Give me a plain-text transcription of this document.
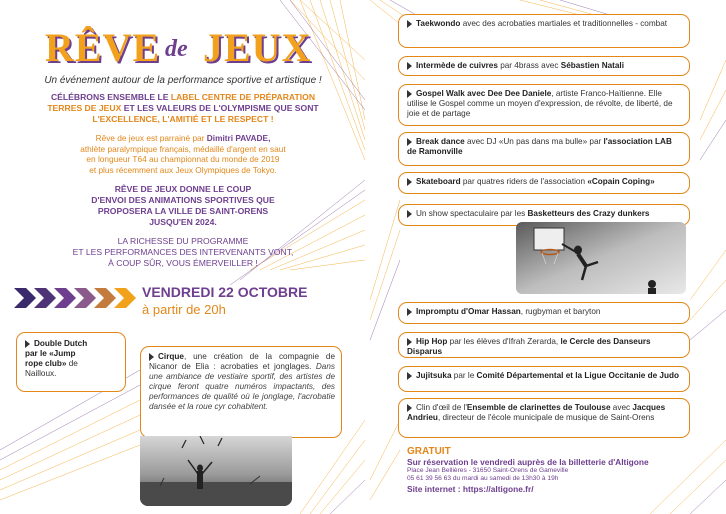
RÊVE de JEUX

Un événement autour de la performance sportive et artistique !

CÉLÉBRONS ENSEMBLE LE LABEL CENTRE DE PRÉPARATION
TERRES DE JEUX ET LES VALEURS DE L'OLYMPISME QUE SONT
L'EXCELLENCE, L'AMITIÉ ET LE RESPECT !
Rêve de jeux est parrainé par Dimitri PAVADE,
athlète paralympique français, médaillé d'argent en saut
en longueur T64 au championnat du monde de 2019
et plus récemment aux Jeux Olympiques de Tokyo.
RÊVE DE JEUX DONNE LE COUP
D'ENVOI DES ANIMATIONS SPORTIVES QUE
PROPOSERA LA VILLE DE SAINT-ORENS
JUSQU'EN 2024.
LA RICHESSE DU PROGRAMME
ET LES PERFORMANCES DES INTERVENANTS VONT,
À COUP SÛR, VOUS ÉMERVEILLER !
VENDREDI 22 OCTOBRE
à partir de 20h
Double Dutch
par le «Jump
rope club» de
Nailloux.
Cirque, une création de la compagnie de Nicanor de Elia : acrobaties et jonglages. Dans une ambiance de vestiaire sportif, des artistes de cirque feront quatre numéros impactants, des performances de qualité où le jonglage, l'acrobatie dansée et la roue cyr cohabitent.
Taekwondo avec des acrobaties martiales et traditionnelles - combat
Intermède de cuivres par 4brass avec Sébastien Natali
Gospel Walk avec Dee Dee Daniele, artiste Franco-Haïtienne. Elle utilise le Gospel comme un moyen d'expression, de révolte, de liberté, de joie et de partage
Break dance avec DJ «Un pas dans ma bulle» par l'association LAB de Ramonville
Skateboard par quatres riders de l'association «Copain Coping»
Un show spectaculaire par les Basketteurs des Crazy dunkers
Impromptu d'Omar Hassan, rugbyman et baryton
Hip Hop par les élèves d'Ifrah Zerarda, le Cercle des Danseurs Disparus
Jujitsuka par le Comité Départemental et la Ligue Occitanie de Judo
Clin d'œil de l'Ensemble de clarinettes de Toulouse avec Jacques Andrieu, directeur de l'école municipale de musique de Saint-Orens
GRATUIT
Sur réservation le vendredi auprès de la billetterie d'Altigone
Place Jean Bellières - 31650 Saint-Orens de Gameville
05 61 39 56 63 du mardi au samedi de 13h30 à 19h
Site internet : https://altigone.fr/
